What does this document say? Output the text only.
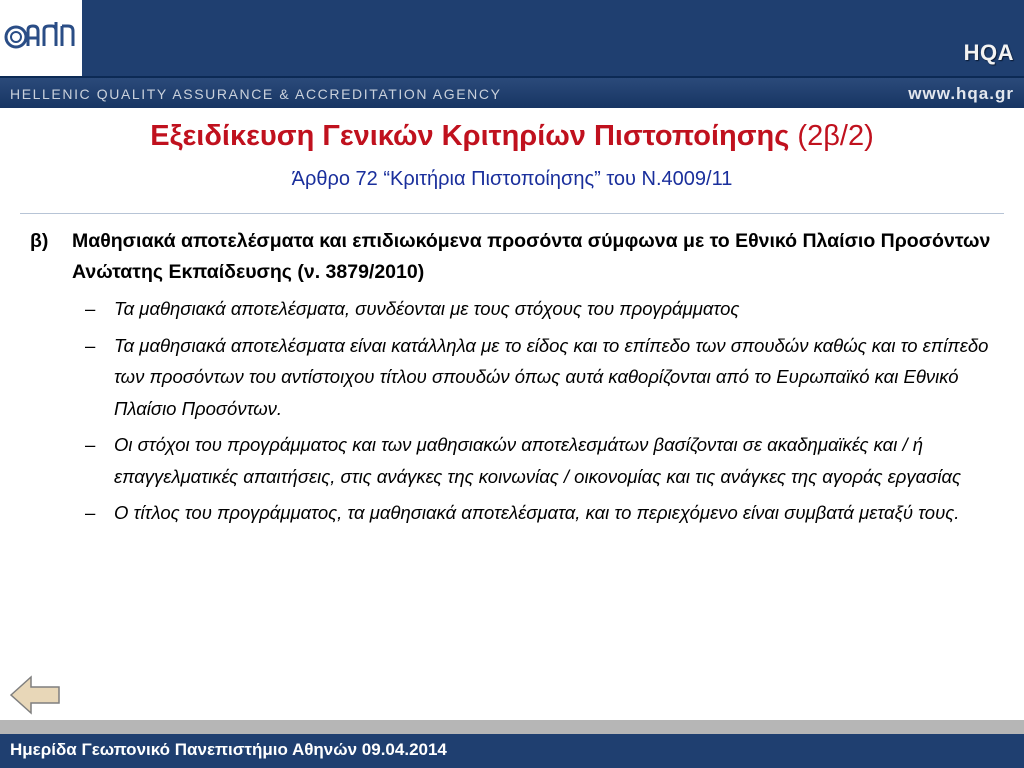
HQA
HELLENIC QUALITY ASSURANCE & ACCREDITATION AGENCY	www.hqa.gr
Εξειδίκευση Γενικών Κριτηρίων Πιστοποίησης (2β/2)
Άρθρο 72 “Κριτήρια Πιστοποίησης” του Ν.4009/11
β) Μαθησιακά αποτελέσματα και επιδιωκόμενα προσόντα σύμφωνα με το Εθνικό Πλαίσιο Προσόντων Ανώτατης Εκπαίδευσης (ν. 3879/2010)
– Τα μαθησιακά αποτελέσματα, συνδέονται με τους στόχους του προγράμματος
– Τα μαθησιακά αποτελέσματα είναι κατάλληλα με το είδος και το επίπεδο των σπουδών καθώς και το επίπεδο των προσόντων του αντίστοιχου τίτλου σπουδών όπως αυτά καθορίζονται από το Ευρωπαϊκό και Εθνικό Πλαίσιο Προσόντων.
– Οι στόχοι του προγράμματος και των μαθησιακών αποτελεσμάτων βασίζονται σε ακαδημαϊκές και / ή επαγγελματικές απαιτήσεις, στις ανάγκες της κοινωνίας / οικονομίας και τις ανάγκες της αγοράς εργασίας
– Ο τίτλος του προγράμματος, τα μαθησιακά αποτελέσματα, και το περιεχόμενο είναι συμβατά μεταξύ τους.
Ημερίδα Γεωπονικό Πανεπιστήμιο Αθηνών 09.04.2014
